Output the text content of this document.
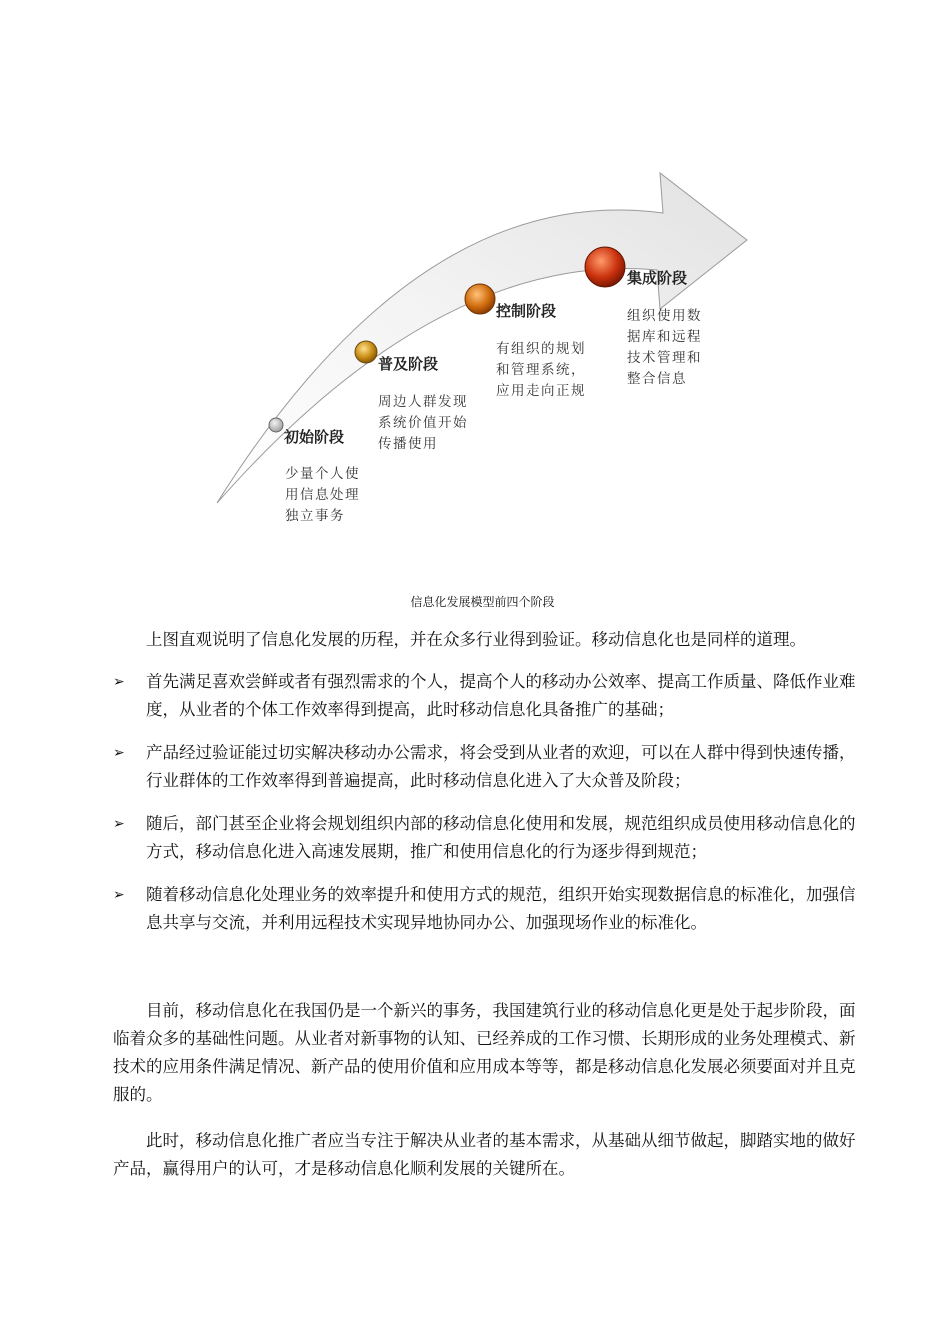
初始阶段
少量个人使 用信息处理 独立事务
普及阶段
周边人群发现 系统价值开始 传播使用
控制阶段
有组织的规划 和管理系统， 应用走向正规
集成阶段
组织使用数 据库和远程 技术管理和 整合信息
信息化发展模型前四个阶段

上图直观说明了信息化发展的历程，并在众多行业得到验证。移动信息化也是同样的道理。

➢ 首先满足喜欢尝鲜或者有强烈需求的个人，提高个人的移动办公效率、提高工作质量、降低作业难度，从业者的个体工作效率得到提高，此时移动信息化具备推广的基础；
➢ 产品经过验证能过切实解决移动办公需求，将会受到从业者的欢迎，可以在人群中得到快速传播，行业群体的工作效率得到普遍提高，此时移动信息化进入了大众普及阶段；
➢ 随后，部门甚至企业将会规划组织内部的移动信息化使用和发展，规范组织成员使用移动信息化的方式，移动信息化进入高速发展期，推广和使用信息化的行为逐步得到规范；
➢ 随着移动信息化处理业务的效率提升和使用方式的规范，组织开始实现数据信息的标准化，加强信息共享与交流，并利用远程技术实现异地协同办公、加强现场作业的标准化。

目前，移动信息化在我国仍是一个新兴的事务，我国建筑行业的移动信息化更是处于起步阶段，面临着众多的基础性问题。从业者对新事物的认知、已经养成的工作习惯、长期形成的业务处理模式、新技术的应用条件满足情况、新产品的使用价值和应用成本等等，都是移动信息化发展必须要面对并且克服的。

此时，移动信息化推广者应当专注于解决从业者的基本需求，从基础从细节做起，脚踏实地的做好产品，赢得用户的认可，才是移动信息化顺利发展的关键所在。
